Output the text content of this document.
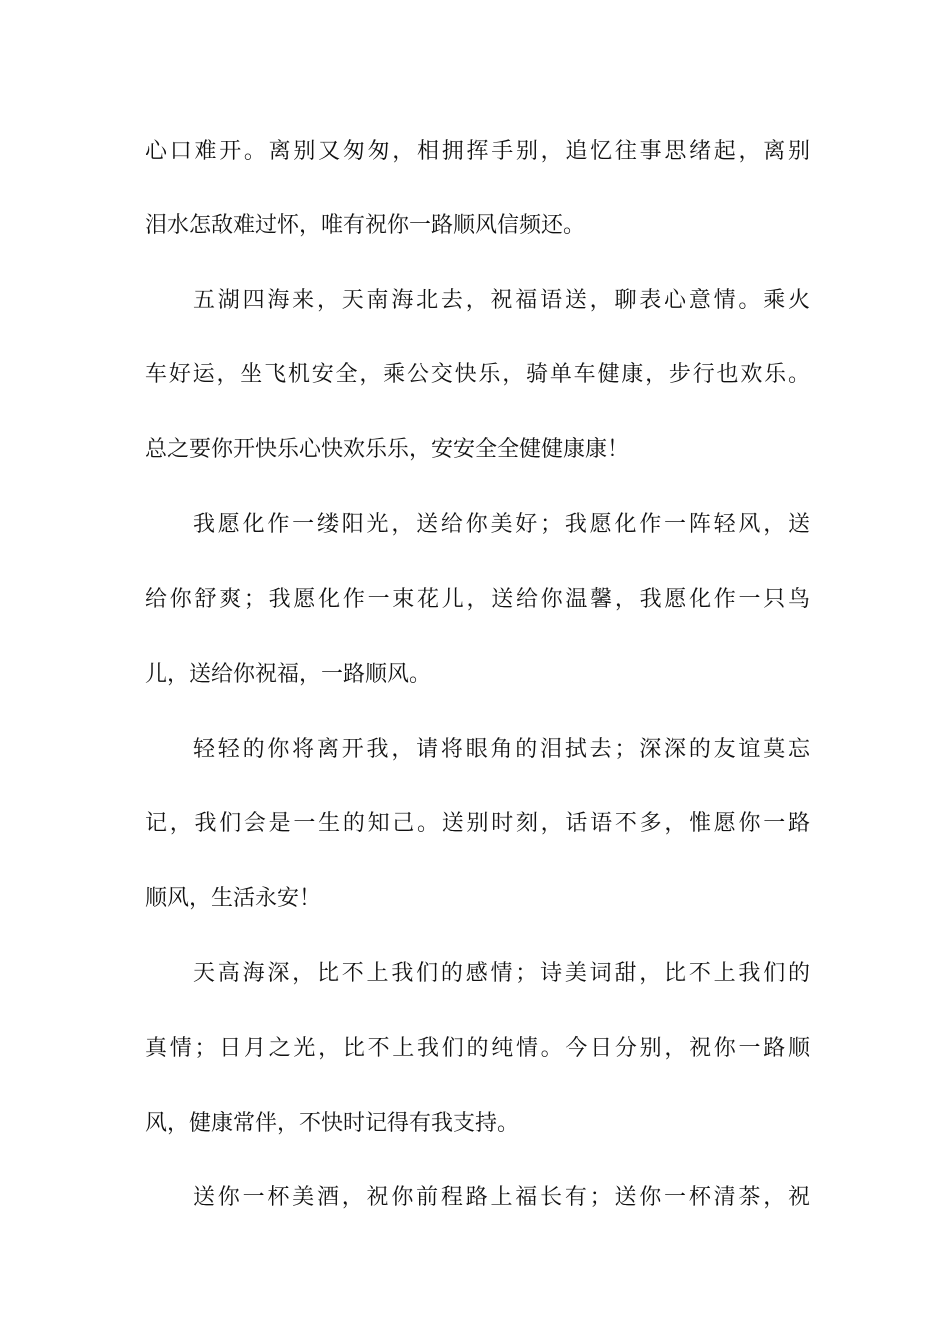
心口难开。离别又匆匆，相拥挥手别，追忆往事思绪起，离别
泪水怎敌难过怀，唯有祝你一路顺风信频还。
五湖四海来，天南海北去，祝福语送，聊表心意情。乘火
车好运，坐飞机安全，乘公交快乐，骑单车健康，步行也欢乐。
总之要你开快乐心快欢乐乐，安安全全健健康康！
我愿化作一缕阳光，送给你美好；我愿化作一阵轻风，送
给你舒爽；我愿化作一束花儿，送给你温馨，我愿化作一只鸟
儿，送给你祝福，一路顺风。
轻轻的你将离开我，请将眼角的泪拭去；深深的友谊莫忘
记，我们会是一生的知己。送别时刻，话语不多，惟愿你一路
顺风，生活永安！
天高海深，比不上我们的感情；诗美词甜，比不上我们的
真情；日月之光，比不上我们的纯情。今日分别，祝你一路顺
风，健康常伴，不快时记得有我支持。
送你一杯美酒，祝你前程路上福长有；送你一杯清茶，祝
